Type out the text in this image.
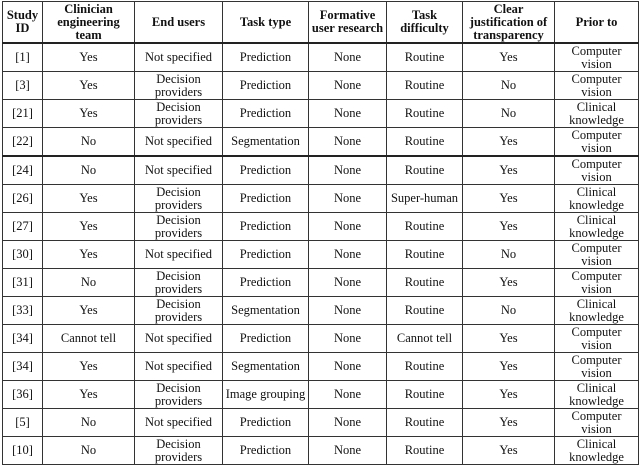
Study ID	Clinician engineering team	End users	Task type	Formative user research	Task difficulty	Clear justification of transparency	Prior to
[1]	Yes	Not specified	Prediction	None	Routine	Yes	Computer vision
[3]	Yes	Decision providers	Prediction	None	Routine	No	Computer vision
[21]	Yes	Decision providers	Prediction	None	Routine	No	Clinical knowledge
[22]	No	Not specified	Segmentation	None	Routine	Yes	Computer vision
[24]	No	Not specified	Prediction	None	Routine	Yes	Computer vision
[26]	Yes	Decision providers	Prediction	None	Super-human	Yes	Clinical knowledge
[27]	Yes	Decision providers	Prediction	None	Routine	Yes	Clinical knowledge
[30]	Yes	Not specified	Prediction	None	Routine	No	Computer vision
[31]	No	Decision providers	Prediction	None	Routine	Yes	Computer vision
[33]	Yes	Decision providers	Segmentation	None	Routine	No	Clinical knowledge
[34]	Cannot tell	Not specified	Prediction	None	Cannot tell	Yes	Computer vision
[34]	Yes	Not specified	Segmentation	None	Routine	Yes	Computer vision
[36]	Yes	Decision providers	Image grouping	None	Routine	Yes	Clinical knowledge
[5]	No	Not specified	Prediction	None	Routine	Yes	Computer vision
[10]	No	Decision providers	Prediction	None	Routine	Yes	Clinical knowledge
